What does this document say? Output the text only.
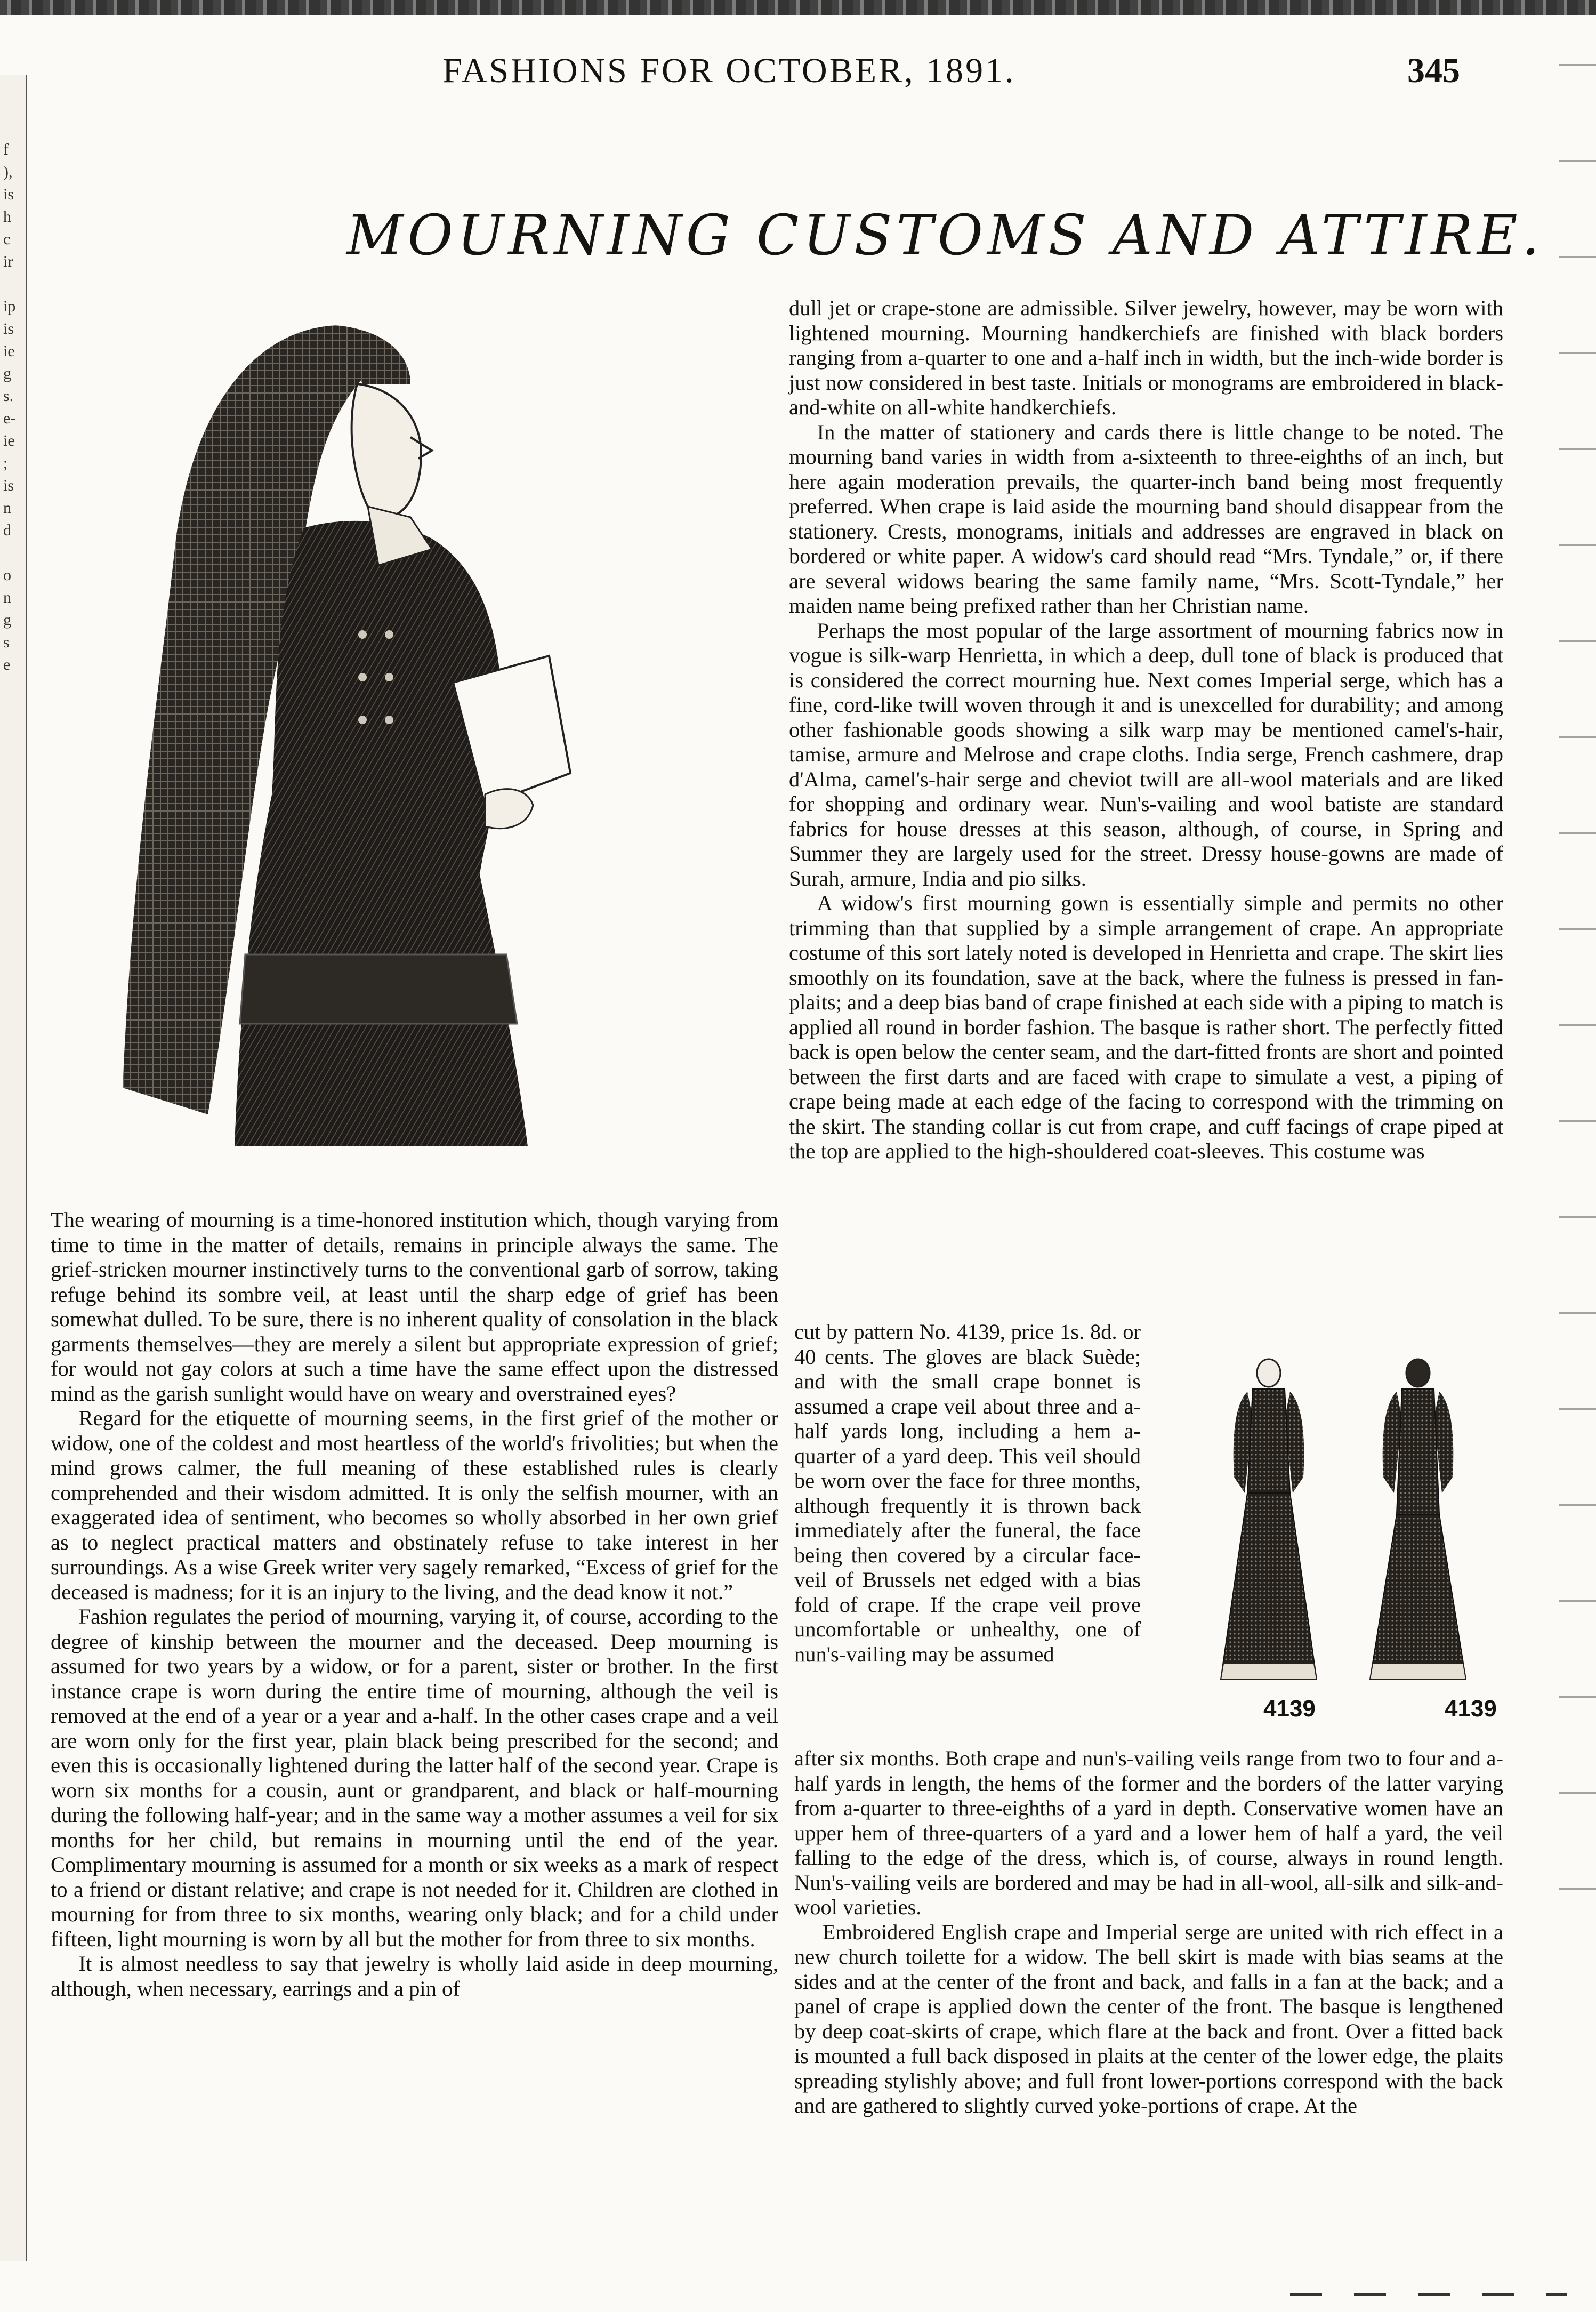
f
),
is
h
c
ir

ip
is
ie
g
s.
e-
ie
;
is
n
d

o
n
g
s
e
FASHIONS FOR OCTOBER, 1891.	345
MOURNING CUSTOMS AND ATTIRE.

The wearing of mourning is a time-honored institution which, though varying from time to time in the matter of details, remains in principle always the same. The grief-stricken mourner instinctively turns to the conventional garb of sorrow, taking refuge behind its sombre veil, at least until the sharp edge of grief has been somewhat dulled. To be sure, there is no inherent quality of consolation in the black garments themselves—they are merely a silent but appropriate expression of grief; for would not gay colors at such a time have the same effect upon the distressed mind as the garish sunlight would have on weary and overstrained eyes?

Regard for the etiquette of mourning seems, in the first grief of the mother or widow, one of the coldest and most heartless of the world's frivolities; but when the mind grows calmer, the full meaning of these established rules is clearly comprehended and their wisdom admitted. It is only the selfish mourner, with an exaggerated idea of sentiment, who becomes so wholly absorbed in her own grief as to neglect practical matters and obstinately refuse to take interest in her surroundings. As a wise Greek writer very sagely remarked, “Excess of grief for the deceased is madness; for it is an injury to the living, and the dead know it not.”

Fashion regulates the period of mourning, varying it, of course, according to the degree of kinship between the mourner and the deceased. Deep mourning is assumed for two years by a widow, or for a parent, sister or brother. In the first instance crape is worn during the entire time of mourning, although the veil is removed at the end of a year or a year and a-half. In the other cases crape and a veil are worn only for the first year, plain black being prescribed for the second; and even this is occasionally lightened during the latter half of the second year. Crape is worn six months for a cousin, aunt or grandparent, and black or half-mourning during the following half-year; and in the same way a mother assumes a veil for six months for her child, but remains in mourning until the end of the year. Complimentary mourning is assumed for a month or six weeks as a mark of respect to a friend or distant relative; and crape is not needed for it. Children are clothed in mourning for from three to six months, wearing only black; and for a child under fifteen, light mourning is worn by all but the mother for from three to six months.

It is almost needless to say that jewelry is wholly laid aside in deep mourning, although, when necessary, earrings and a pin of

dull jet or crape-stone are admissible. Silver jewelry, however, may be worn with lightened mourning. Mourning handkerchiefs are finished with black borders ranging from a-quarter to one and a-half inch in width, but the inch-wide border is just now considered in best taste. Initials or monograms are embroidered in black-and-white on all-white handkerchiefs.

In the matter of stationery and cards there is little change to be noted. The mourning band varies in width from a-sixteenth to three-eighths of an inch, but here again moderation prevails, the quarter-inch band being most frequently preferred. When crape is laid aside the mourning band should disappear from the stationery. Crests, monograms, initials and addresses are engraved in black on bordered or white paper. A widow's card should read “Mrs. Tyndale,” or, if there are several widows bearing the same family name, “Mrs. Scott-Tyndale,” her maiden name being prefixed rather than her Christian name.

Perhaps the most popular of the large assortment of mourning fabrics now in vogue is silk-warp Henrietta, in which a deep, dull tone of black is produced that is considered the correct mourning hue. Next comes Imperial serge, which has a fine, cord-like twill woven through it and is unexcelled for durability; and among other fashionable goods showing a silk warp may be mentioned camel's-hair, tamise, armure and Melrose and crape cloths. India serge, French cashmere, drap d'Alma, camel's-hair serge and cheviot twill are all-wool materials and are liked for shopping and ordinary wear. Nun's-vailing and wool batiste are standard fabrics for house dresses at this season, although, of course, in Spring and Summer they are largely used for the street. Dressy house-gowns are made of Surah, armure, India and pio silks.

A widow's first mourning gown is essentially simple and permits no other trimming than that supplied by a simple arrangement of crape. An appropriate costume of this sort lately noted is developed in Henrietta and crape. The skirt lies smoothly on its foundation, save at the back, where the fulness is pressed in fan-plaits; and a deep bias band of crape finished at each side with a piping to match is applied all round in border fashion. The basque is rather short. The perfectly fitted back is open below the center seam, and the dart-fitted fronts are short and pointed between the first darts and are faced with crape to simulate a vest, a piping of crape being made at each edge of the facing to correspond with the trimming on the skirt. The standing collar is cut from crape, and cuff facings of crape piped at the top are applied to the high-shouldered coat-sleeves. This costume was

cut by pattern No. 4139, price 1s. 8d. or 40 cents. The gloves are black Suède; and with the small crape bonnet is assumed a crape veil about three and a-half yards long, including a hem a-quarter of a yard deep. This veil should be worn over the face for three months, although frequently it is thrown back immediately after the funeral, the face being then covered by a circular face-veil of Brussels net edged with a bias fold of crape. If the crape veil prove uncomfortable or unhealthy, one of nun's-vailing may be assumed

4139	4139

after six months. Both crape and nun's-vailing veils range from two to four and a-half yards in length, the hems of the former and the borders of the latter varying from a-quarter to three-eighths of a yard in depth. Conservative women have an upper hem of three-quarters of a yard and a lower hem of half a yard, the veil falling to the edge of the dress, which is, of course, always in round length. Nun's-vailing veils are bordered and may be had in all-wool, all-silk and silk-and-wool varieties.

Embroidered English crape and Imperial serge are united with rich effect in a new church toilette for a widow. The bell skirt is made with bias seams at the sides and at the center of the front and back, and falls in a fan at the back; and a panel of crape is applied down the center of the front. The basque is lengthened by deep coat-skirts of crape, which flare at the back and front. Over a fitted back is mounted a full back disposed in plaits at the center of the lower edge, the plaits spreading stylishly above; and full front lower-portions correspond with the back and are gathered to slightly curved yoke-portions of crape. At the
